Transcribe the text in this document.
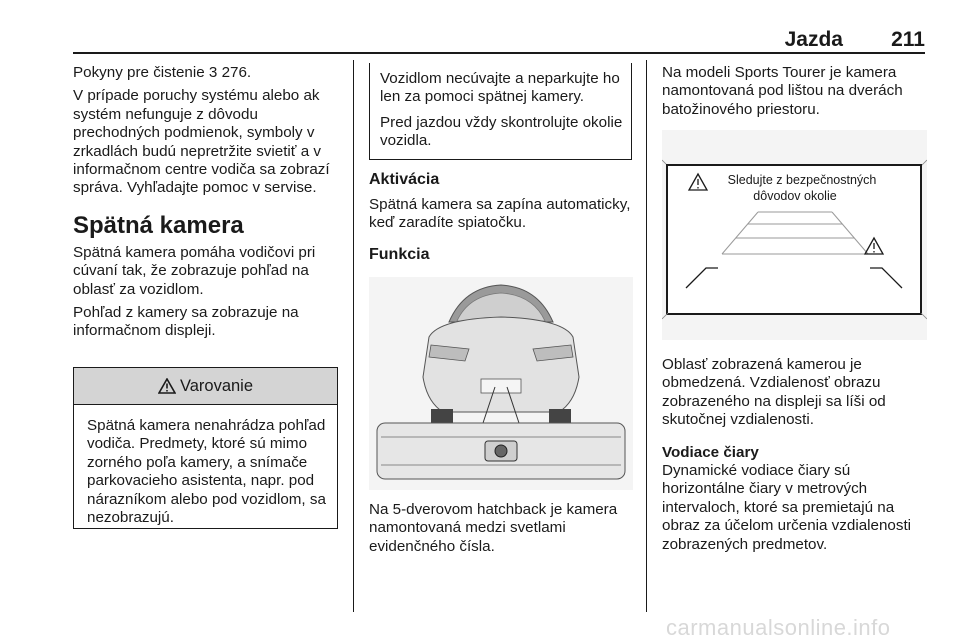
Jazda 211

Pokyny pre čistenie 3 276.

V prípade poruchy systému alebo ak systém nefunguje z dôvodu prechodných podmienok, symboly v zrkadlách budú nepretržite svietiť a v informačnom centre vodiča sa zobrazí správa. Vyhľadajte pomoc v servise.

Spätná kamera

Spätná kamera pomáha vodičovi pri cúvaní tak, že zobrazuje pohľad na oblasť za vozidlom.

Pohľad z kamery sa zobrazuje na informačnom displeji.

Varovanie
Spätná kamera nenahrádza pohľad vodiča. Predmety, ktoré sú mimo zorného poľa kamery, a snímače parkovacieho asistenta, napr. pod nárazníkom alebo pod vozidlom, sa nezobrazujú.

Vozidlom necúvajte a neparkujte ho len za pomoci spätnej kamery.

Pred jazdou vždy skontrolujte okolie vozidla.

Aktivácia

Spätná kamera sa zapína automaticky, keď zaradíte spiatočku.

Funkcia

Na 5-dverovom hatchback je kamera namontovaná medzi svetlami evidenčného čísla.

Na modeli Sports Tourer je kamera namontovaná pod lištou na dverách batožinového priestoru.

Sledujte z bezpečnostných
dôvodov okolie

Oblasť zobrazená kamerou je obmedzená. Vzdialenosť obrazu zobrazeného na displeji sa líši od skutočnej vzdialenosti.

Vodiace čiary

Dynamické vodiace čiary sú horizontálne čiary v metrových intervaloch, ktoré sa premietajú na obraz za účelom určenia vzdialenosti zobrazených predmetov.

carmanualsonline.info
